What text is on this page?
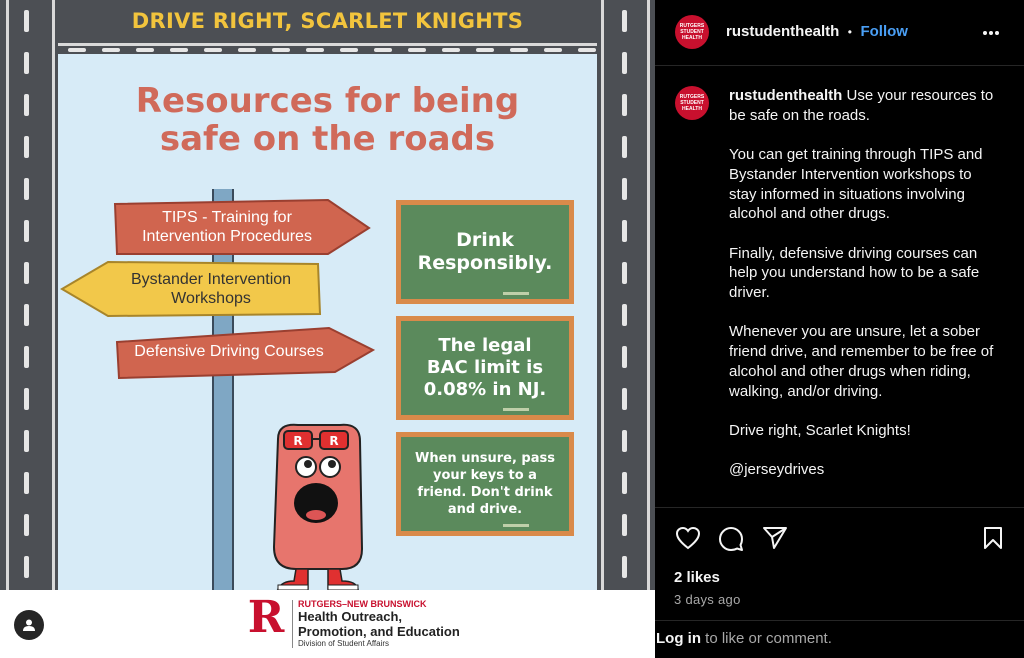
DRIVE RIGHT, SCARLET KNIGHTS
Resources for being
safe on the roads
TIPS - Training for
Intervention Procedures
Bystander Intervention
Workshops
Defensive Driving Courses
Drink
Responsibly.
The legal
BAC limit is
0.08% in NJ.
When unsure, pass
your keys to a
friend. Don't drink
and drive.
R R
R RUTGERS–NEW BRUNSWICK
Health Outreach,
Promotion, and Education
Division of Student Affairs
RUTGERS STUDENT HEALTH	rustudenthealth • Follow
RUTGERS STUDENT HEALTH
rustudenthealth Use your resources to be safe on the roads.

You can get training through TIPS and Bystander Intervention workshops to stay informed in situations involving alcohol and other drugs.

Finally, defensive driving courses can help you understand how to be a safe driver.

Whenever you are unsure, let a sober friend drive, and remember to be free of alcohol and other drugs when riding, walking, and/or driving.

Drive right, Scarlet Knights!

@jerseydrives
2 likes
3 days ago
Log in to like or comment.
